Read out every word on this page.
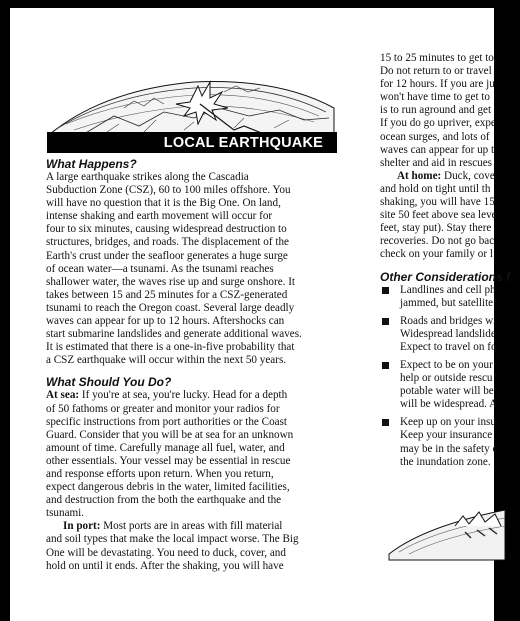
LOCAL EARTHQUAKE

What Happens?

A large earthquake strikes along the Cascadia
Subduction Zone (CSZ), 60 to 100 miles offshore. You
will have no question that it is the Big One. On land,
intense shaking and earth movement will occur for
four to six minutes, causing widespread destruction to
structures, bridges, and roads. The displacement of the
Earth's crust under the seafloor generates a huge surge
of ocean water—a tsunami. As the tsunami reaches
shallower water, the waves rise up and surge onshore. It
takes between 15 and 25 minutes for a CSZ-generated
tsunami to reach the Oregon coast. Several large deadly
waves can appear for up to 12 hours. Aftershocks can
start submarine landslides and generate additional waves.
It is estimated that there is a one-in-five probability that
a CSZ earthquake will occur within the next 50 years.

What Should You Do?

At sea: If you're at sea, you're lucky. Head for a depth
of 50 fathoms or greater and monitor your radios for
specific instructions from port authorities or the Coast
Guard. Consider that you will be at sea for an unknown
amount of time. Carefully manage all fuel, water, and
other essentials. Your vessel may be essential in rescue
and response efforts upon return. When you return,
expect dangerous debris in the water, limited facilities,
and destruction from the both the earthquake and the
tsunami.
In port: Most ports are in areas with fill material
and soil types that make the local impact worse. The Big
One will be devastating. You need to duck, cover, and
hold on until it ends. After the shaking, you will have
15 to 25 minutes to get to
Do not return to or travel
for 12 hours. If you are ju
won't have time to get to
is to run aground and get
If you do go upriver, expe
ocean surges, and lots of
waves can appear for up t
shelter and aid in rescues
At home: Duck, cove
and hold on tight until th
shaking, you will have 15
site 50 feet above sea leve
feet, stay put). Stay there
recoveries. Do not go bac
check on your family or l

Other Considerations f

Landlines and cell ph
jammed, but satellite
Roads and bridges wi
Widespread landslide
Expect to travel on fo
Expect to be on your
help or outside rescu
potable water will be
will be widespread. A
Keep up on your insu
Keep your insurance
may be in the safety c
the inundation zone.
